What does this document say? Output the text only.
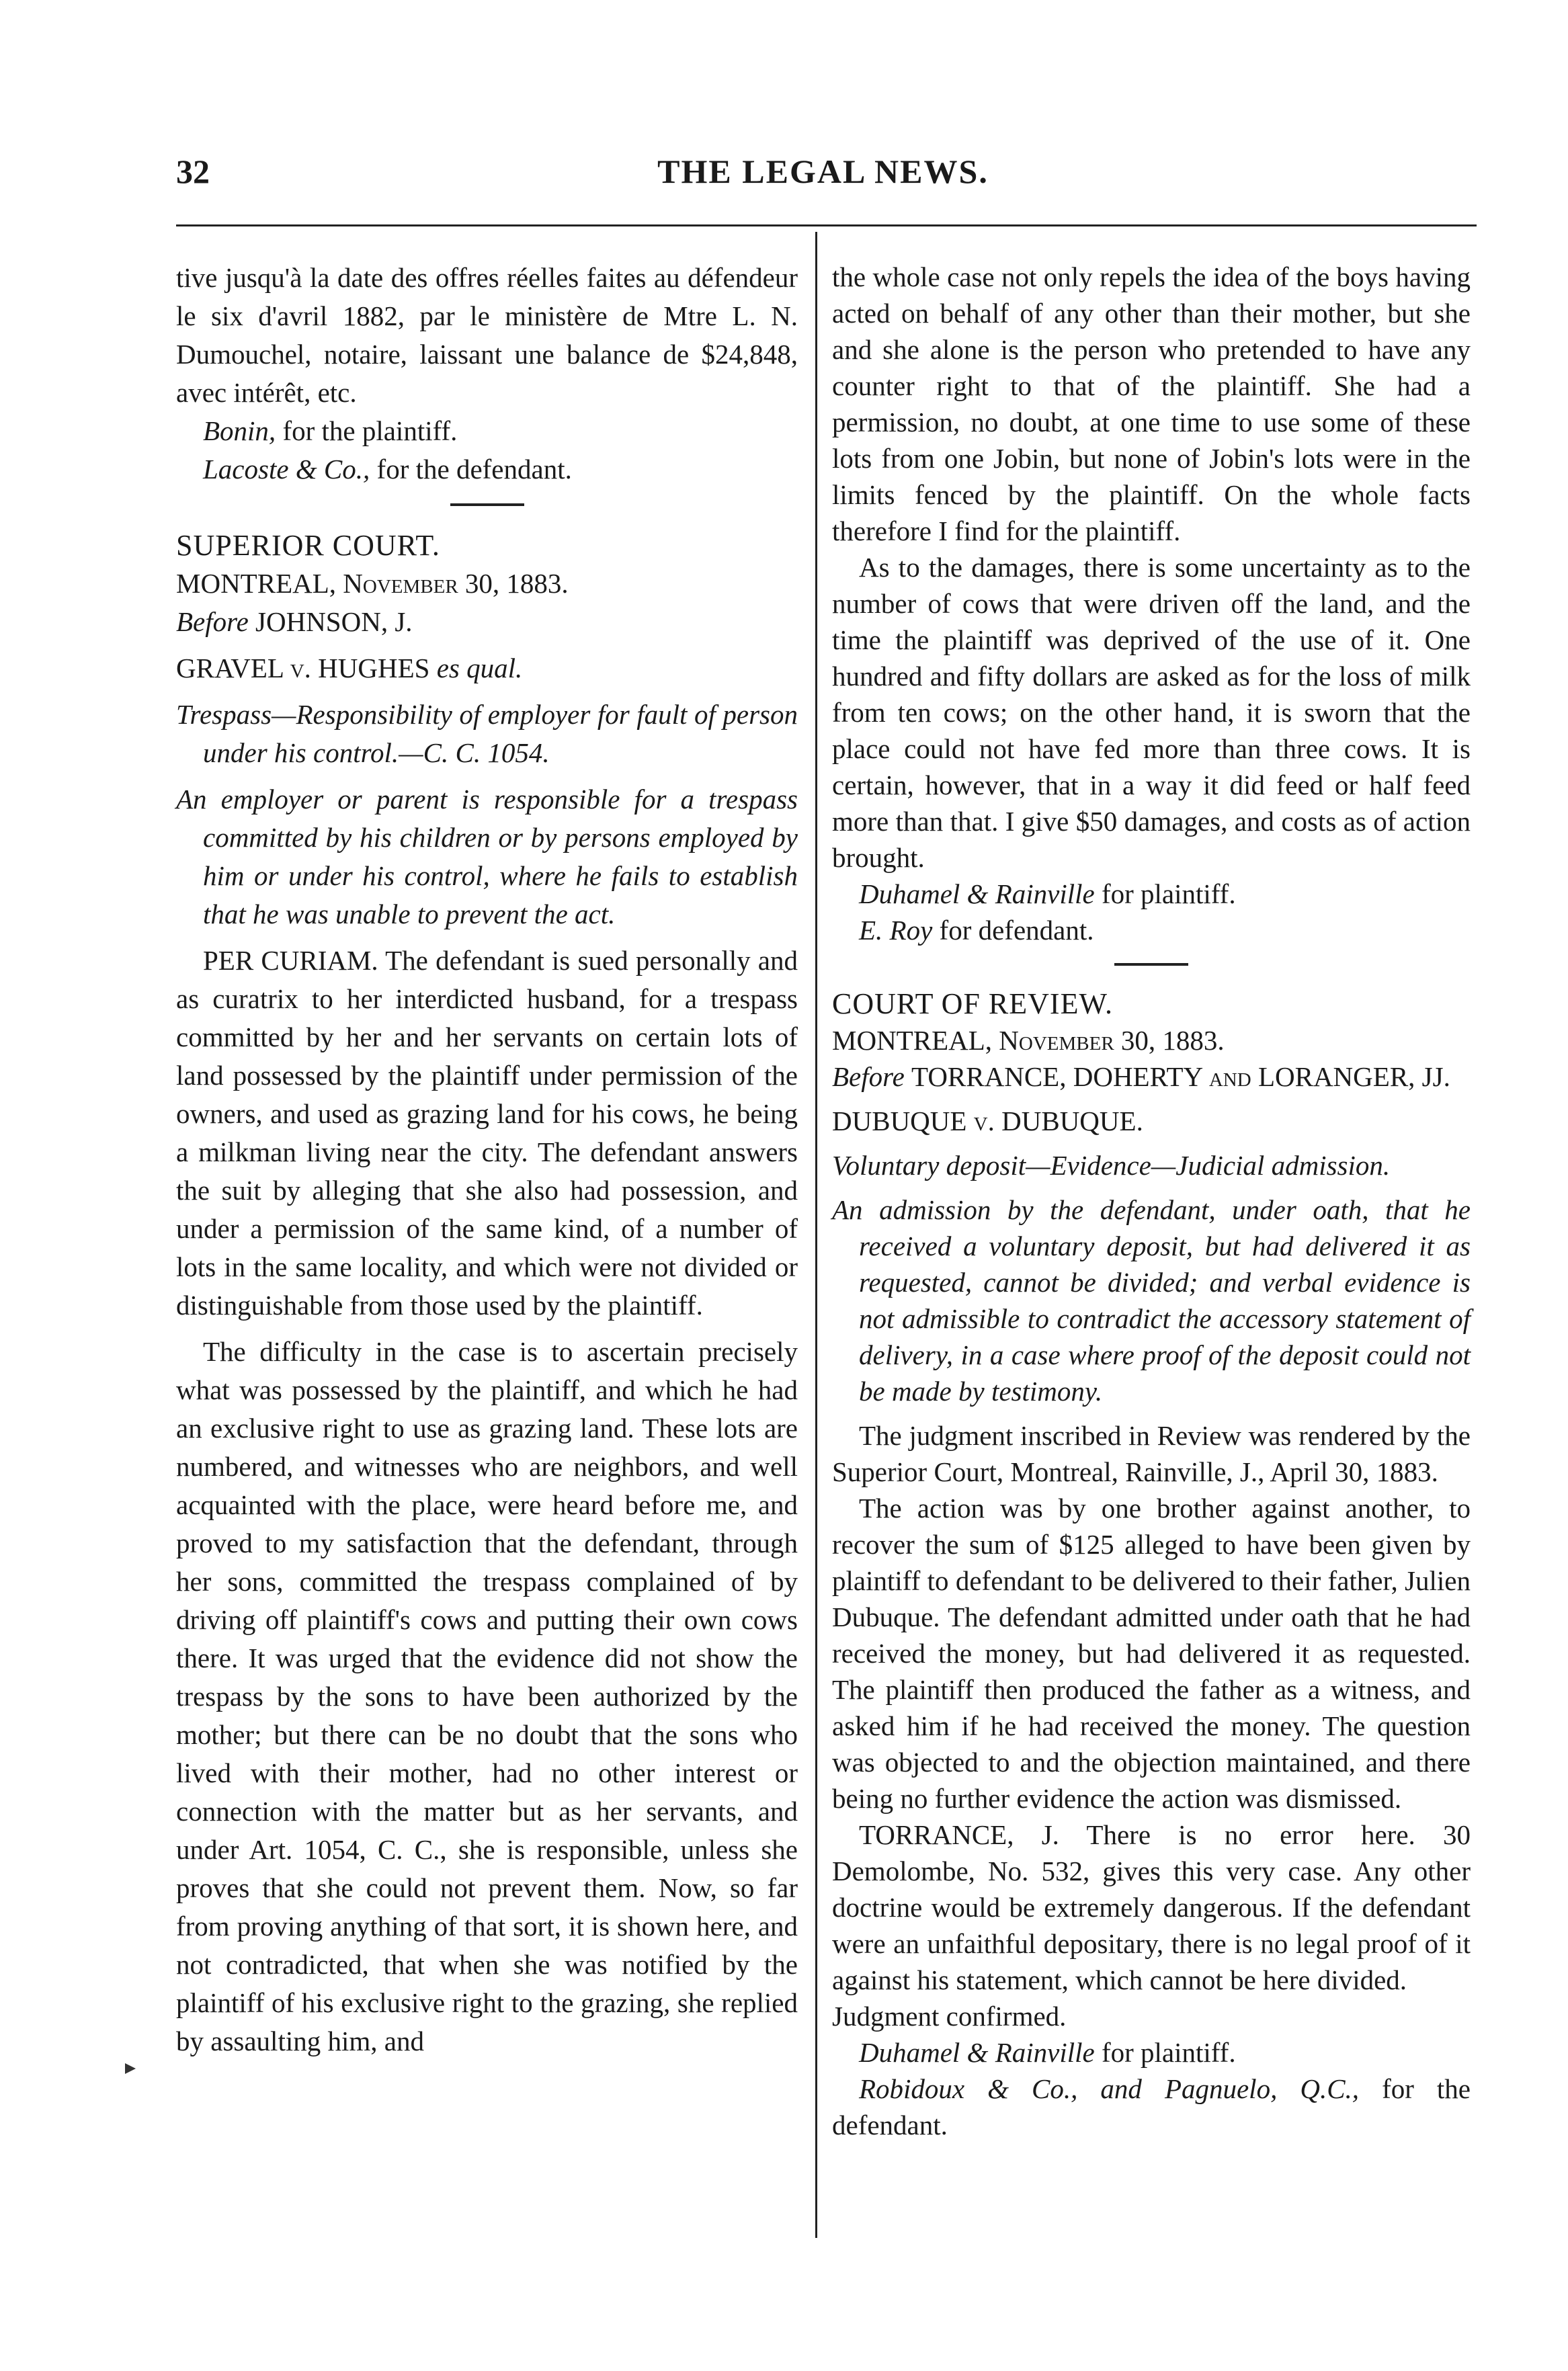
32	THE LEGAL NEWS.

tive jusqu'à la date des offres réelles faites au défendeur le six d'avril 1882, par le ministère de Mtre L. N. Dumouchel, notaire, laissant une balance de $24,848, avec intérêt, etc.

Bonin, for the plaintiff.

Lacoste & Co., for the defendant.

SUPERIOR COURT.

MONTREAL, November 30, 1883.

Before JOHNSON, J.

GRAVEL v. HUGHES es qual.

Trespass—Responsibility of employer for fault of person under his control.—C. C. 1054.

An employer or parent is responsible for a trespass committed by his children or by persons employed by him or under his control, where he fails to establish that he was unable to prevent the act.

PER CURIAM. The defendant is sued personally and as curatrix to her interdicted husband, for a trespass committed by her and her servants on certain lots of land possessed by the plaintiff under permission of the owners, and used as grazing land for his cows, he being a milkman living near the city. The defendant answers the suit by alleging that she also had possession, and under a permission of the same kind, of a number of lots in the same locality, and which were not divided or distinguishable from those used by the plaintiff.

The difficulty in the case is to ascertain precisely what was possessed by the plaintiff, and which he had an exclusive right to use as grazing land. These lots are numbered, and witnesses who are neighbors, and well acquainted with the place, were heard before me, and proved to my satisfaction that the defendant, through her sons, committed the trespass complained of by driving off plaintiff's cows and putting their own cows there. It was urged that the evidence did not show the trespass by the sons to have been authorized by the mother; but there can be no doubt that the sons who lived with their mother, had no other interest or connection with the matter but as her servants, and under Art. 1054, C. C., she is responsible, unless she proves that she could not prevent them. Now, so far from proving anything of that sort, it is shown here, and not contradicted, that when she was notified by the plaintiff of his exclusive right to the grazing, she replied by assaulting him, and

the whole case not only repels the idea of the boys having acted on behalf of any other than their mother, but she and she alone is the person who pretended to have any counter right to that of the plaintiff. She had a permission, no doubt, at one time to use some of these lots from one Jobin, but none of Jobin's lots were in the limits fenced by the plaintiff. On the whole facts therefore I find for the plaintiff.

As to the damages, there is some uncertainty as to the number of cows that were driven off the land, and the time the plaintiff was deprived of the use of it. One hundred and fifty dollars are asked as for the loss of milk from ten cows; on the other hand, it is sworn that the place could not have fed more than three cows. It is certain, however, that in a way it did feed or half feed more than that. I give $50 damages, and costs as of action brought.

Duhamel & Rainville for plaintiff.

E. Roy for defendant.

COURT OF REVIEW.

MONTREAL, November 30, 1883.

Before TORRANCE, DOHERTY and LORANGER, JJ.

DUBUQUE v. DUBUQUE.

Voluntary deposit—Evidence—Judicial admission.

An admission by the defendant, under oath, that he received a voluntary deposit, but had delivered it as requested, cannot be divided; and verbal evidence is not admissible to contradict the accessory statement of delivery, in a case where proof of the deposit could not be made by testimony.

The judgment inscribed in Review was rendered by the Superior Court, Montreal, Rainville, J., April 30, 1883.

The action was by one brother against another, to recover the sum of $125 alleged to have been given by plaintiff to defendant to be delivered to their father, Julien Dubuque. The defendant admitted under oath that he had received the money, but had delivered it as requested. The plaintiff then produced the father as a witness, and asked him if he had received the money. The question was objected to and the objection maintained, and there being no further evidence the action was dismissed.

TORRANCE, J. There is no error here. 30 Demolombe, No. 532, gives this very case. Any other doctrine would be extremely dangerous. If the defendant were an unfaithful depositary, there is no legal proof of it against his statement, which cannot be here divided.

Judgment confirmed.

Duhamel & Rainville for plaintiff.

Robidoux & Co., and Pagnuelo, Q.C., for the defendant.
